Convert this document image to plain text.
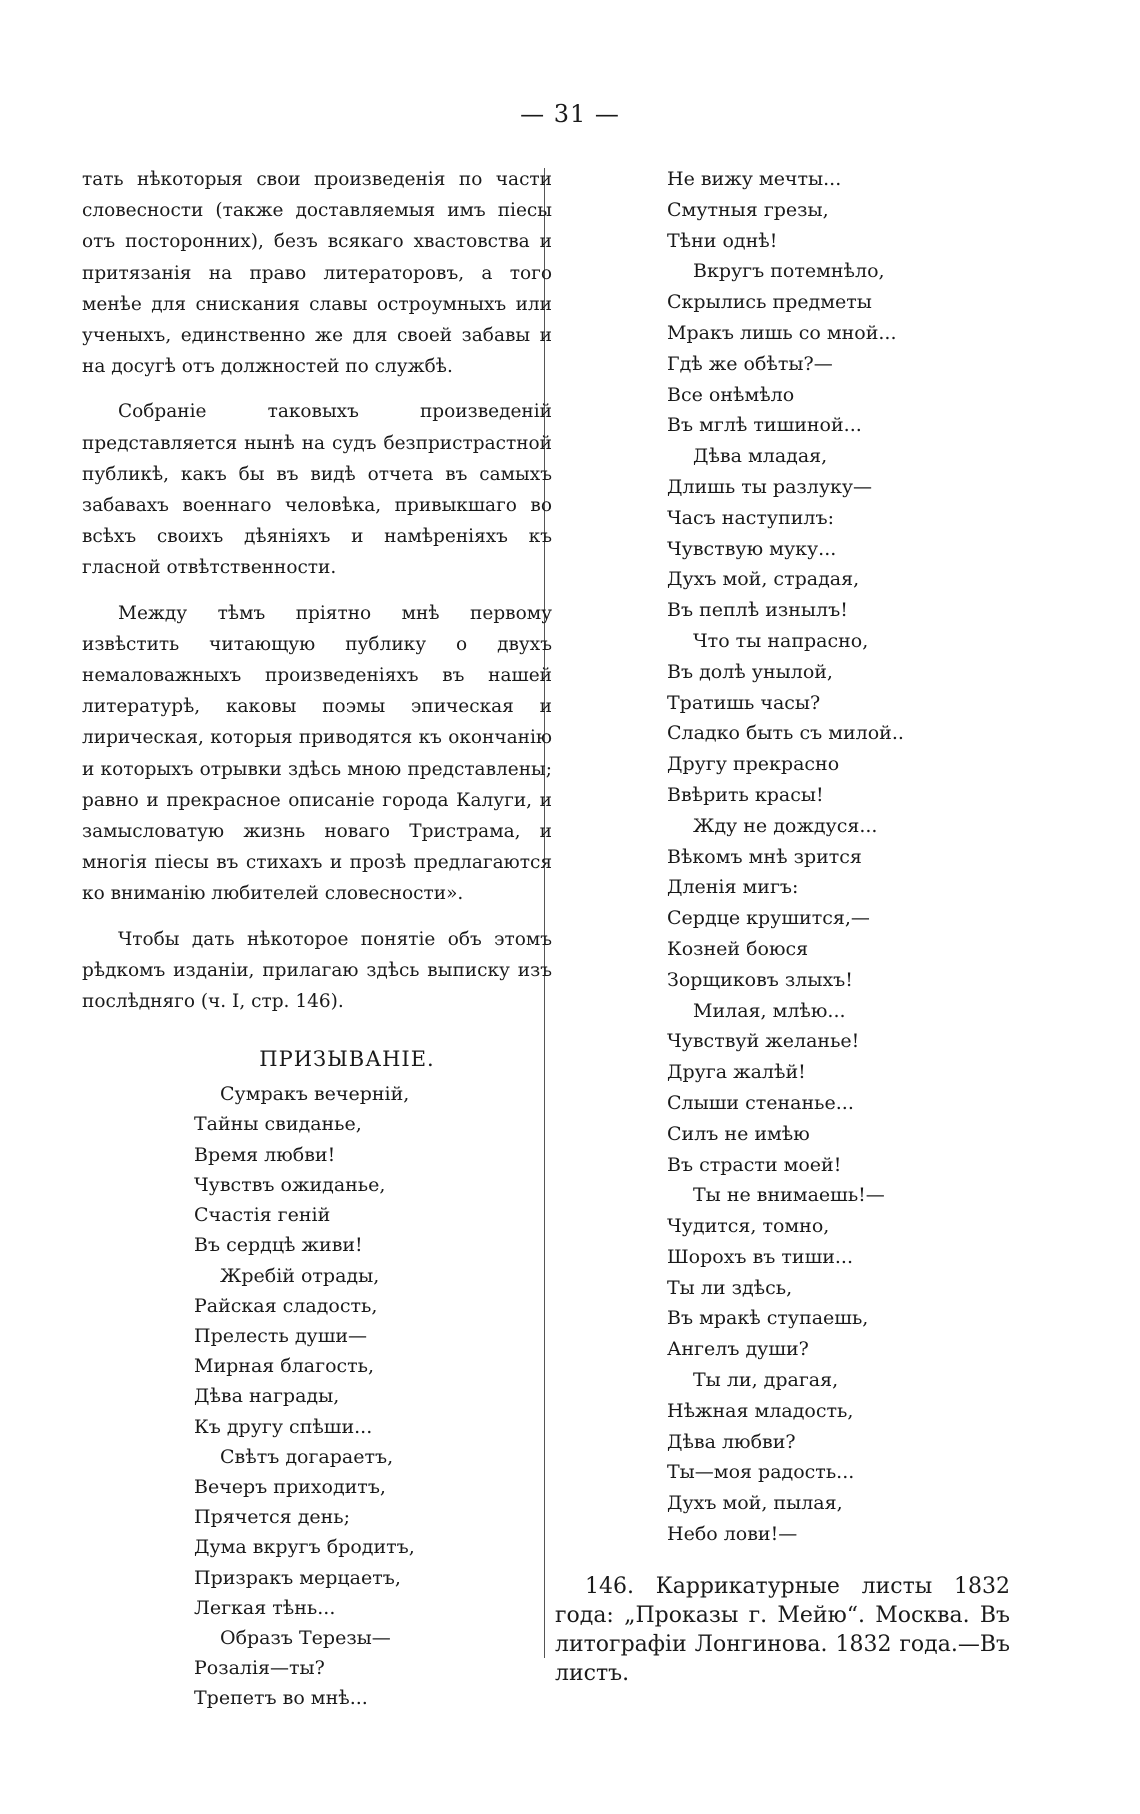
— 31 —

тать нѣкоторыя свои произведенія по части словесности (также доставляемыя имъ піесы отъ посторонних), безъ всякаго хвастовства и притязанія на право литераторовъ, а того менѣе для снискания славы остроумныхъ или ученыхъ, единственно же для своей забавы и на досугѣ отъ должностей по службѣ.

Собраніе таковыхъ произведеній представляется нынѣ на судъ безпристрастной публикѣ, какъ бы въ видѣ отчета въ самыхъ забавахъ военнаго человѣка, привыкшаго во всѣхъ своихъ дѣяніяхъ и намѣреніяхъ къ гласной отвѣтственности.

Между тѣмъ пріятно мнѣ первому извѣстить читающую публику о двухъ немаловажныхъ произведеніяхъ въ нашей литературѣ, каковы поэмы эпическая и лирическая, которыя приводятся къ окончанію и которыхъ отрывки здѣсь мною представлены; равно и прекрасное описаніе города Калуги, и замысловатую жизнь новаго Тристрама, и многія піесы въ стихахъ и прозѣ предлагаются ко вниманію любителей словесности».

Чтобы дать нѣкоторое понятіе объ этомъ рѣдкомъ изданіи, прилагаю здѣсь выписку изъ послѣдняго (ч. I, стр. 146).

ПРИЗЫВАНІЕ.
Сумракъ вечерній,
Тайны свиданье,
Время любви!
Чувствъ ожиданье,
Счастія геній
Въ сердцѣ живи!
Жребій отрады,
Райская сладость,
Прелесть души—
Мирная благость,
Дѣва награды,
Къ другу спѣши...
Свѣтъ догараетъ,
Вечеръ приходитъ,
Прячется день;
Дума вкругъ бродитъ,
Призракъ мерцаетъ,
Легкая тѣнь...
Образъ Терезы—
Розалія—ты?
Трепетъ во мнѣ...
Не вижу мечты...
Смутныя грезы,
Тѣни однѣ!
Вкругъ потемнѣло,
Скрылись предметы
Мракъ лишь со мной...
Гдѣ же обѣты?—
Все онѣмѣло
Въ мглѣ тишиной...
Дѣва младая,
Длишь ты разлуку—
Часъ наступилъ:
Чувствую муку...
Духъ мой, страдая,
Въ пеплѣ изнылъ!
Что ты напрасно,
Въ долѣ унылой,
Тратишь часы?
Сладко быть съ милой..
Другу прекрасно
Ввѣрить красы!
Жду не дождуся...
Вѣкомъ мнѣ зрится
Дленія мигъ:
Сердце крушится,—
Козней боюся
Зорщиковъ злыхъ!
Милая, млѣю...
Чувствуй желанье!
Друга жалѣй!
Слыши стенанье...
Силъ не имѣю
Въ страсти моей!
Ты не внимаешь!—
Чудится, томно,
Шорохъ въ тиши...
Ты ли здѣсь,
Въ мракѣ ступаешь,
Ангелъ души?
Ты ли, драгая,
Нѣжная младость,
Дѣва любви?
Ты—моя радость...
Духъ мой, пылая,
Небо лови!—
146. Каррикатурные листы 1832 года: „Проказы г. Мейю“. Москва. Въ литографіи Лонгинова. 1832 года.—Въ листъ.
